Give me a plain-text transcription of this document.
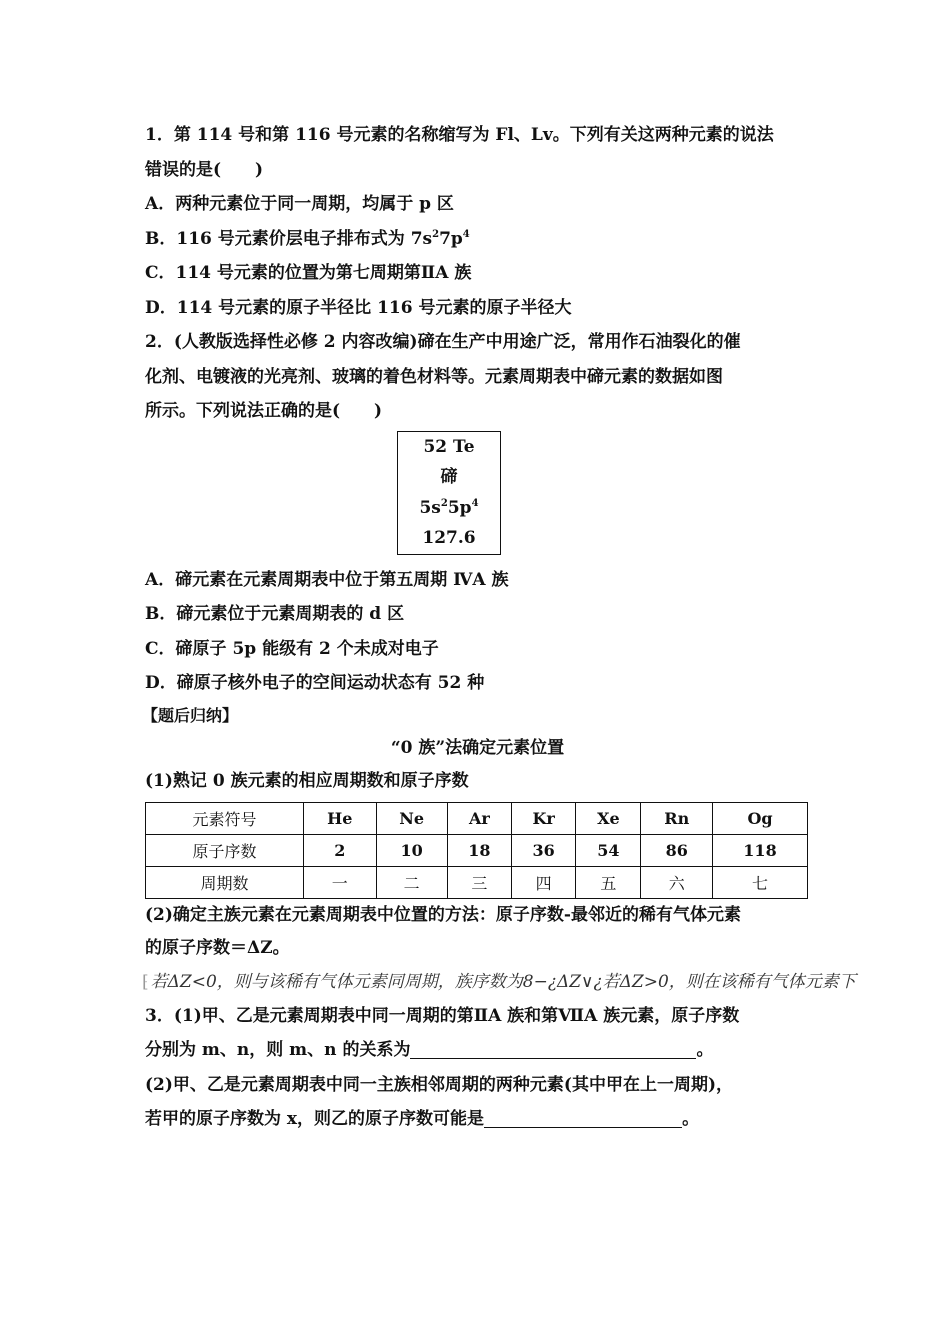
1．第 114 号和第 116 号元素的名称缩写为 Fl、Lv。下列有关这两种元素的说法
错误的是(　　)
A．两种元素位于同一周期，均属于 p 区
B．116 号元素价层电子排布式为 $7s^27p^4$
C．114 号元素的位置为第七周期第ⅡA 族
D．114 号元素的原子半径比 116 号元素的原子半径大
2．(人教版选择性必修 2 内容改编)碲在生产中用途广泛，常用作石油裂化的催
化剂、电镀液的光亮剂、玻璃的着色材料等。元素周期表中碲元素的数据如图
所示。下列说法正确的是(　　)
52 Te
碲
$5s^25p^4$
127.6
A．碲元素在元素周期表中位于第五周期 ⅣA 族
B．碲元素位于元素周期表的 d 区
C．碲原子 5p 能级有 2 个未成对电子
D．碲原子核外电子的空间运动状态有 52 种
【题后归纳】
“0 族”法确定元素位置
(1)熟记 0 族元素的相应周期数和原子序数
元素符号	He	Ne	Ar	Kr	Xe	Rn	Og
原子序数	2	10	18	36	54	86	118
周期数	一	二	三	四	五	六	七
(2)确定主族元素在元素周期表中位置的方法：原子序数-最邻近的稀有气体元素
的原子序数＝ΔZ。
⁅ 若ΔZ<0，则与该稀有气体元素同周期，族序数为8−¿ΔZ∨¿若ΔZ>0，则在该稀有气体元素下
3．(1)甲、乙是元素周期表中同一周期的第ⅡA 族和第ⅦA 族元素，原子序数
分别为 m、n，则 m、n 的关系为	。
(2)甲、乙是元素周期表中同一主族相邻周期的两种元素(其中甲在上一周期)，
若甲的原子序数为 x，则乙的原子序数可能是	。
